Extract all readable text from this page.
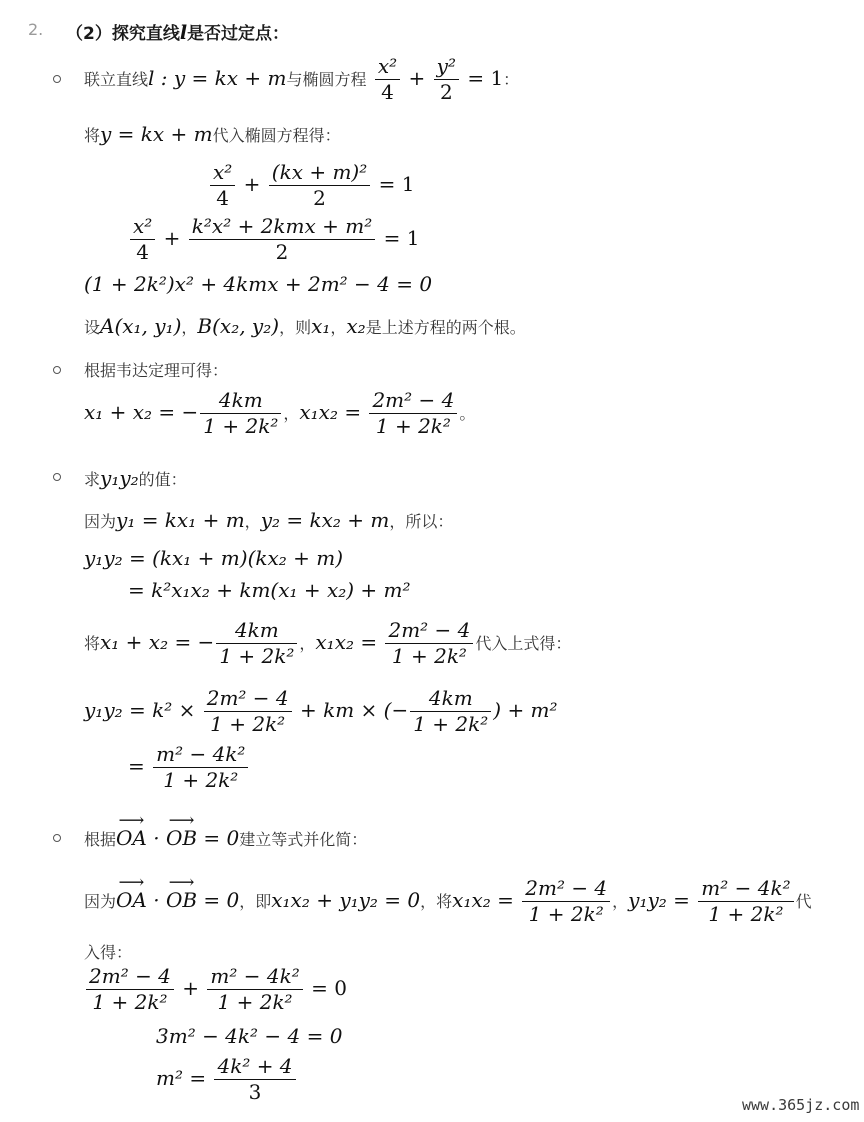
2. （2）探究直线l是否过定点：
联立直线l : y = kx + m与椭圆方程 $\frac{\text{x²}}{4} + \frac{\text{y²}}{2} = 1$：
将y = kx + m代入椭圆方程得：
$\frac{\text{x²}}{4} + \frac{\text{(kx + m)²}}{2} = 1$
$\frac{\text{x²}}{4} + \frac{\text{k²x² + 2kmx + m²}}{2} = 1$
(1 + 2k²)x² + 4kmx + 2m² − 4 = 0
设A(x₁, y₁)，B(x₂, y₂)，则x₁，x₂是上述方程的两个根。
根据韦达定理可得：
x₁ + x₂ = − $\frac{4km}{\text{1 + 2k²}}$ ，$x_1x_2 = \frac{\text{2m² − 4}}{\text{1 + 2k²}}$ 。
求y₁y₂的值：
因为y₁ = kx₁ + m，y₂ = kx₂ + m，所以：
y₁y₂ = (kx₁ + m)(kx₂ + m)
= k²x₁x₂ + km(x₁ + x₂) + m²
将x₁ + x₂ = − $\frac{4km}{\text{1 + 2k²}}$ ，$x_1x_2 = \frac{\text{2m² − 4}}{\text{1 + 2k²}}$ 代入上式得：
$y_1y_2 = k^2 \times \frac{\text{2m² − 4}}{\text{1 + 2k²}}$ + km × (− $\frac{4km}{\text{1 + 2k²}}$ ) + m²
= $\frac{\text{m² − 4k²}}{\text{1 + 2k²}}$
根据⟶ OA · ⟶ OB = 0建立等式并化简：
因为⟶ OA · ⟶ OB = 0，即x₁x₂ + y₁y₂ = 0，将$x_1x_2 = \frac{\text{2m² − 4}}{\text{1 + 2k²}}$ ，$y_1y_2 = \frac{\text{m² − 4k²}}{\text{1 + 2k²}}$ 代
入得：
$\frac{\text{2m² − 4}}{\text{1 + 2k²}} + \frac{\text{m² − 4k²}}{\text{1 + 2k²}} = 0$
3m² − 4k² − 4 = 0
$m^2 = \frac{\text{4k² + 4}}{3}$	www.365jz.com
